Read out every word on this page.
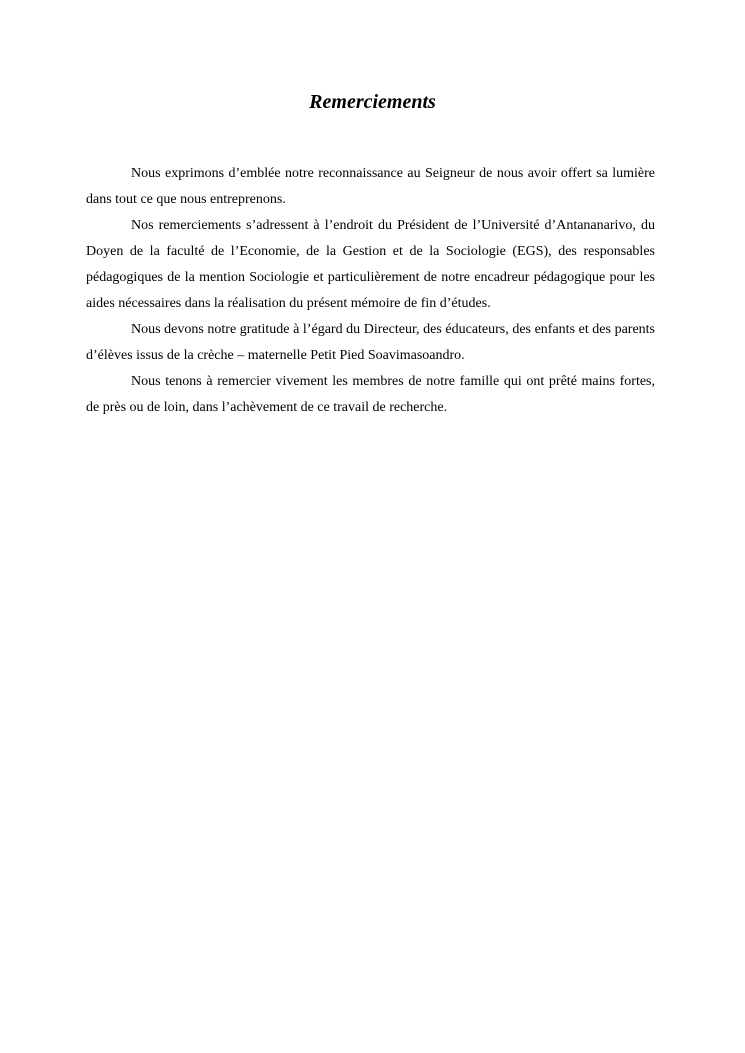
Remerciements

Nous exprimons d’emblée notre reconnaissance au Seigneur de nous avoir offert sa lumière dans tout ce que nous entreprenons.

Nos remerciements s’adressent à l’endroit du Président de l’Université d’Antananarivo, du Doyen de la faculté de l’Economie, de la Gestion et de la Sociologie (EGS), des responsables pédagogiques de la mention Sociologie et particulièrement de notre encadreur pédagogique pour les aides nécessaires dans la réalisation du présent mémoire de fin d’études.

Nous devons notre gratitude à l’égard du Directeur, des éducateurs, des enfants et des parents d’élèves issus de la crèche – maternelle Petit Pied Soavimasoandro.

Nous tenons à remercier vivement les membres de notre famille qui ont prêté mains fortes, de près ou de loin, dans l’achèvement de ce travail de recherche.
